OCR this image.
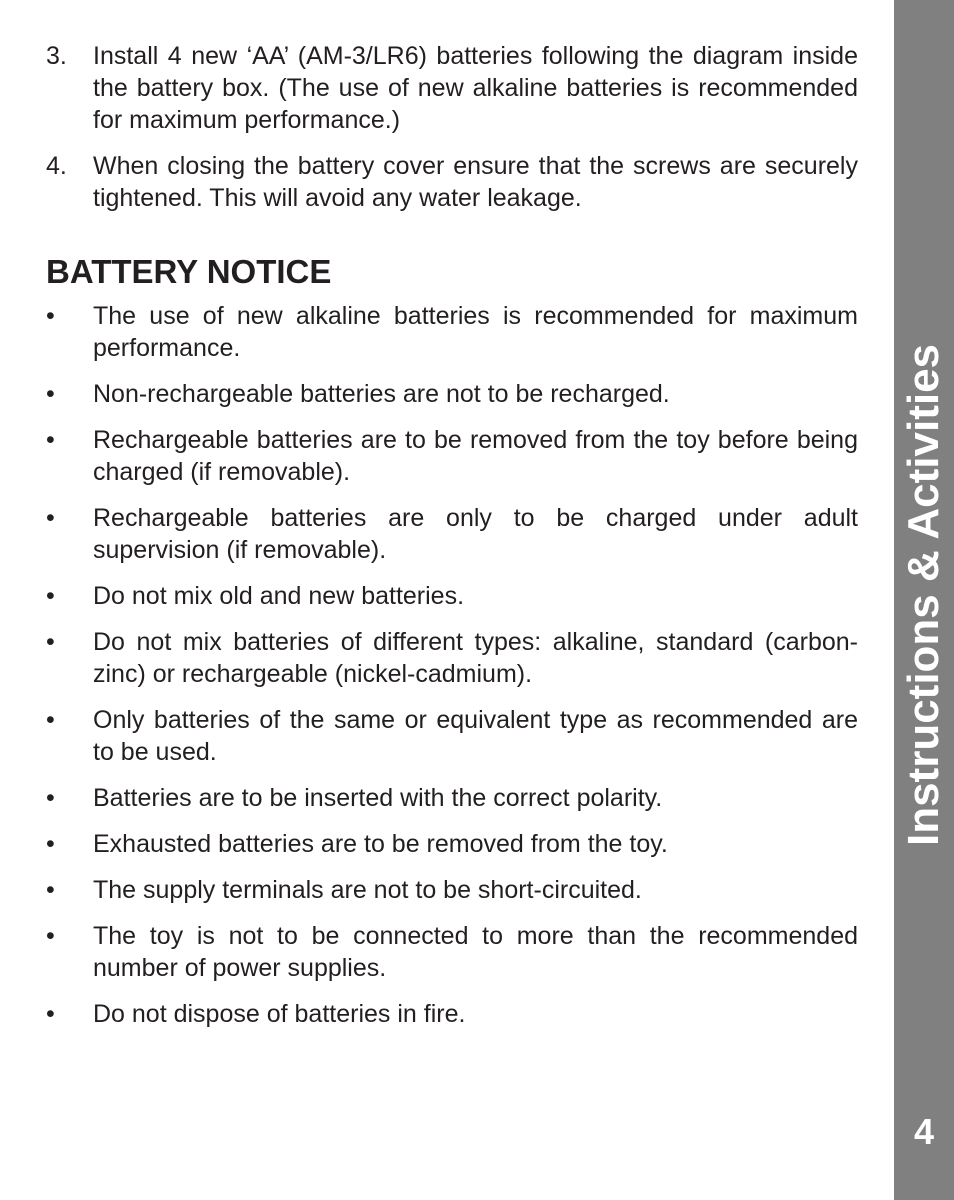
3.	Install 4 new ‘AA’ (AM-3/LR6) batteries following the diagram inside the battery box. (The use of new alkaline batteries is recommended for maximum performance.)
4.	When closing the battery cover ensure that the screws are securely tightened. This will avoid any water leakage.
BATTERY NOTICE
•	The use of new alkaline batteries is recommended for maximum performance.
•	Non-rechargeable batteries are not to be recharged.
•	Rechargeable batteries are to be removed from the toy before being charged (if removable).
•	Rechargeable batteries are only to be charged under adult supervision (if removable).
•	Do not mix old and new batteries.
•	Do not mix batteries of different types: alkaline, standard (carbon-zinc) or rechargeable (nickel-cadmium).
•	Only batteries of the same or equivalent type as recommended are to be used.
•	Batteries are to be inserted with the correct polarity.
•	Exhausted batteries are to be removed from the toy.
•	The supply terminals are not to be short-circuited.
•	The toy is not to be connected to more than the recommended number of power supplies.
•	Do not dispose of batteries in fire.
Instructions & Activities
4
